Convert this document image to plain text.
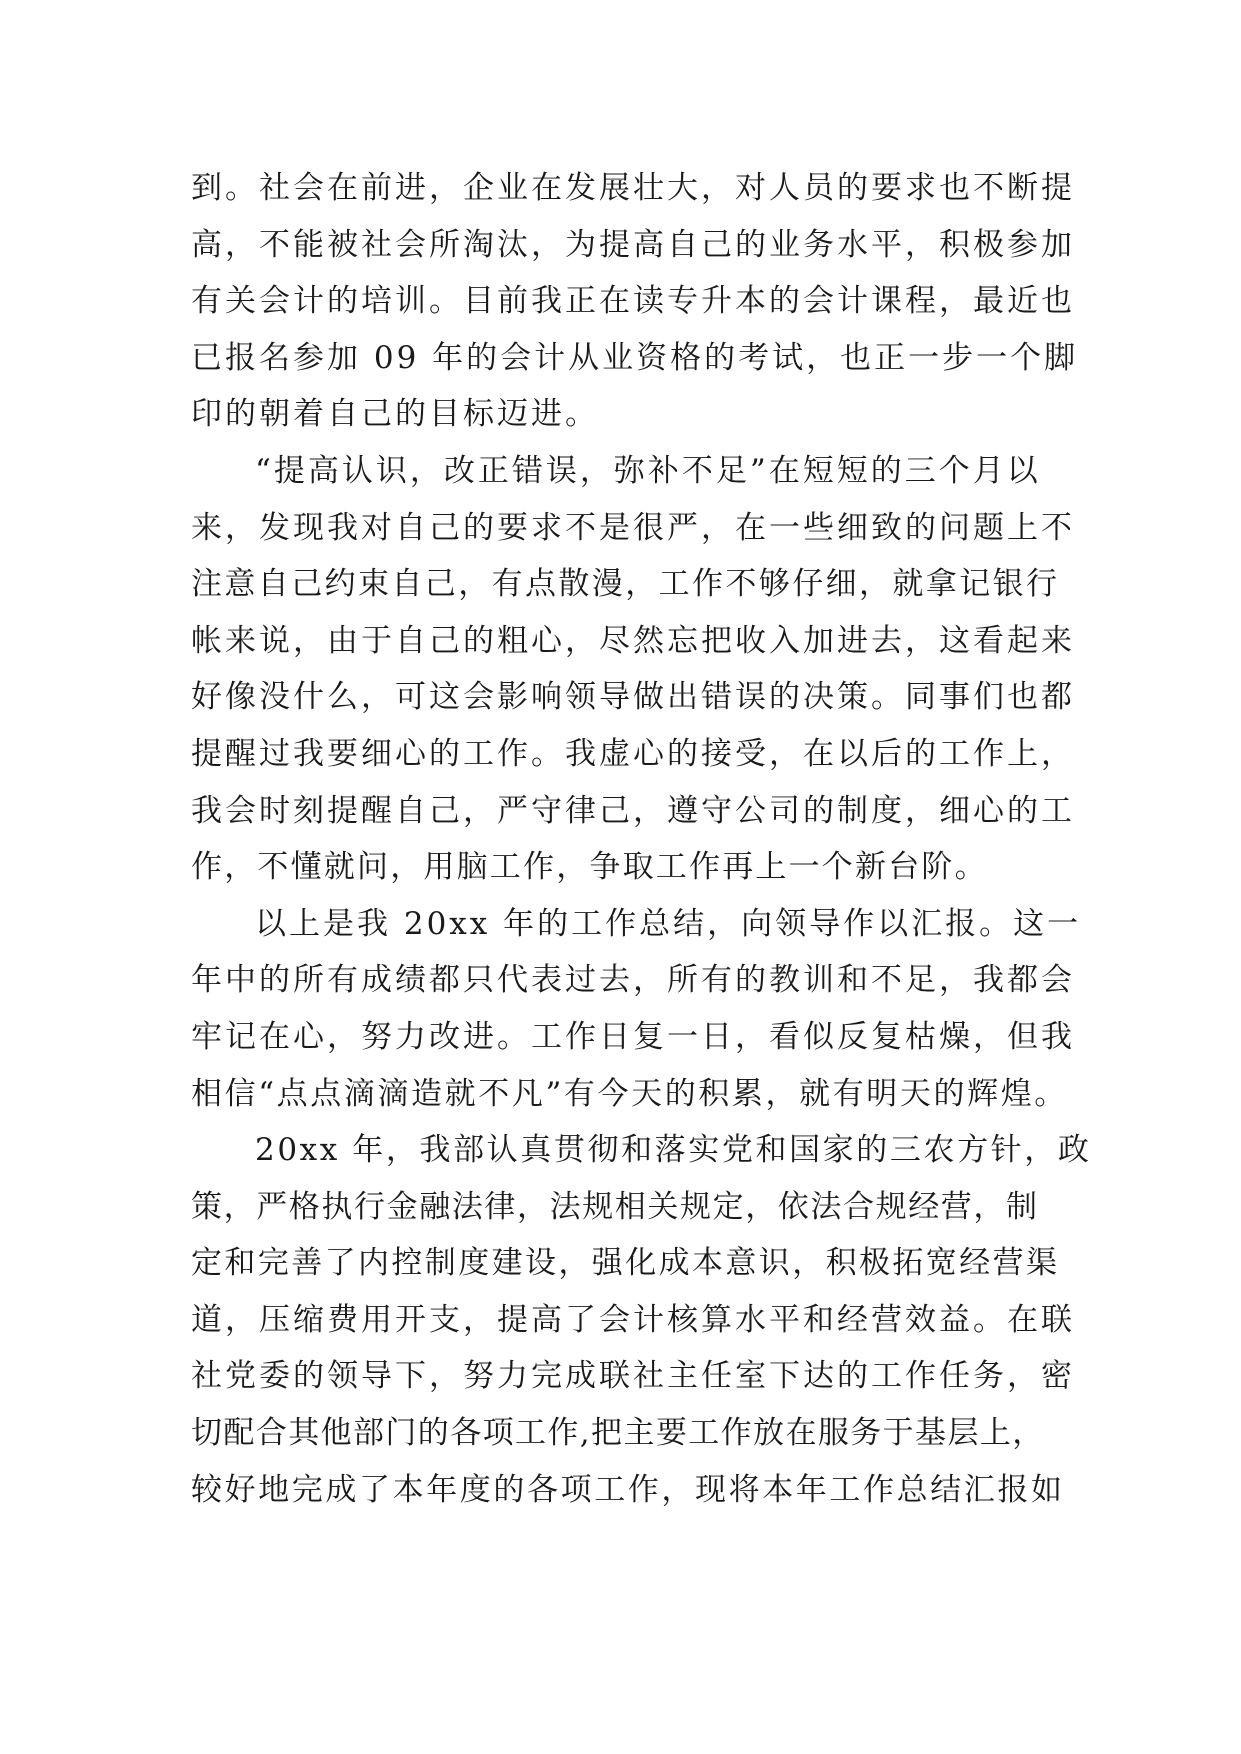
到。社会在前进，企业在发展壮大，对人员的要求也不断提
高，不能被社会所淘汰，为提高自己的业务水平，积极参加
有关会计的培训。目前我正在读专升本的会计课程，最近也
已报名参加 09 年的会计从业资格的考试，也正一步一个脚
印的朝着自己的目标迈进。
“提高认识，改正错误，弥补不足”在短短的三个月以
来，发现我对自己的要求不是很严，在一些细致的问题上不
注意自己约束自己，有点散漫，工作不够仔细，就拿记银行
帐来说，由于自己的粗心，尽然忘把收入加进去，这看起来
好像没什么，可这会影响领导做出错误的决策。同事们也都
提醒过我要细心的工作。我虚心的接受，在以后的工作上，
我会时刻提醒自己，严守律己，遵守公司的制度，细心的工
作，不懂就问，用脑工作，争取工作再上一个新台阶。
以上是我 20xx 年的工作总结，向领导作以汇报。这一
年中的所有成绩都只代表过去，所有的教训和不足，我都会
牢记在心，努力改进。工作日复一日，看似反复枯燥，但我
相信“点点滴滴造就不凡”有今天的积累，就有明天的辉煌。
20xx 年，我部认真贯彻和落实党和国家的三农方针，政
策，严格执行金融法律，法规相关规定，依法合规经营，制
定和完善了内控制度建设，强化成本意识，积极拓宽经营渠
道，压缩费用开支，提高了会计核算水平和经营效益。在联
社党委的领导下，努力完成联社主任室下达的工作任务，密
切配合其他部门的各项工作,把主要工作放在服务于基层上，
较好地完成了本年度的各项工作，现将本年工作总结汇报如
